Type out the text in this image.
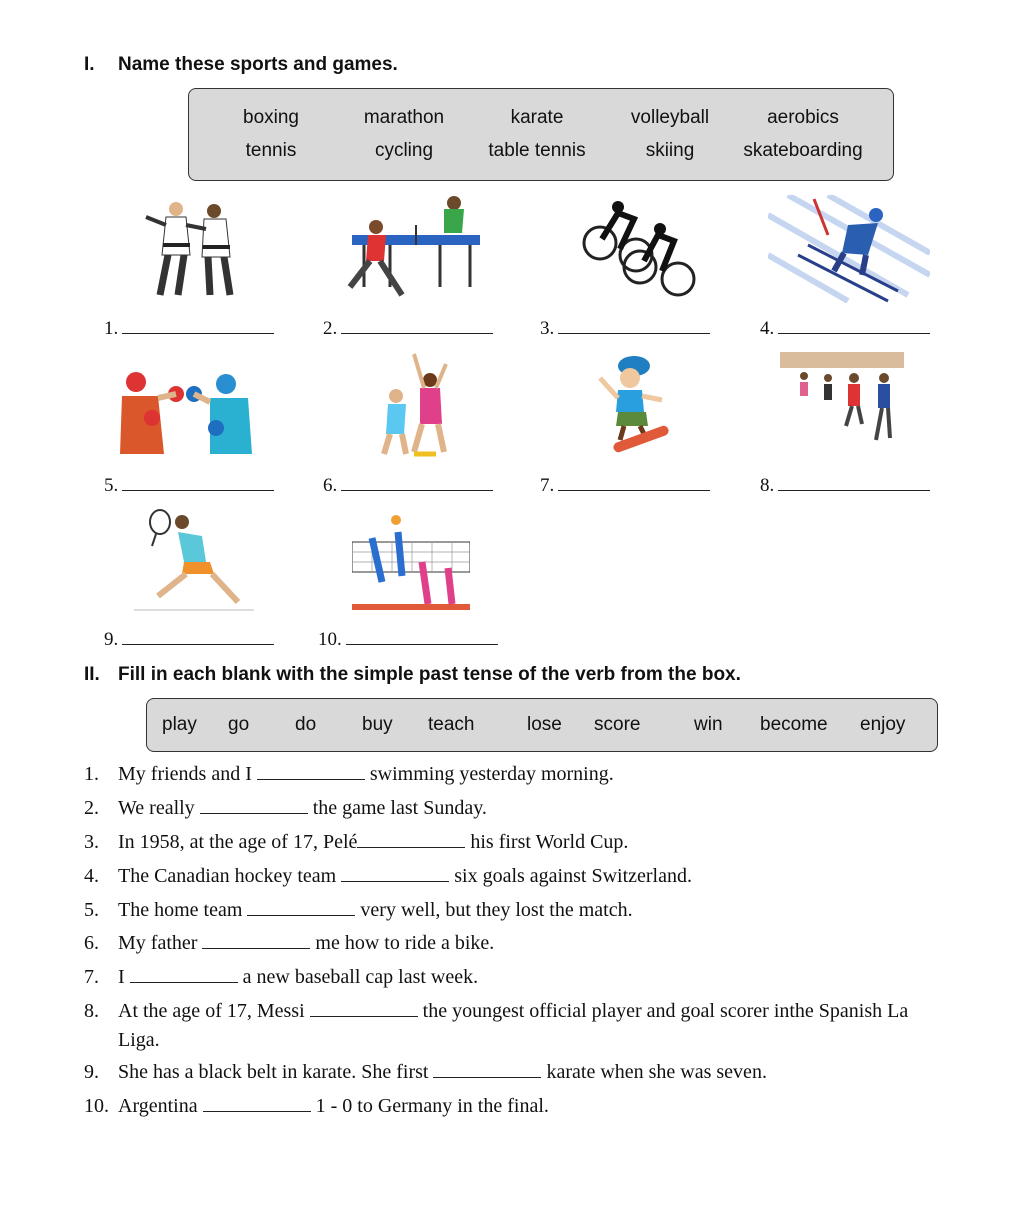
I. Name these sports and games.
boxing	marathon	karate	volleyball	aerobics
tennis	cycling	table tennis	skiing	skateboarding
1.	2.	3.	4.
5.	6.	7.	8.
9.	10.
II. Fill in each blank with the simple past tense of the verb from the box.
play go do buy teach	lose score	win become enjoy
1. My friends and I	swimming yesterday morning.
2. We really	the game last Sunday.
3. In 1958, at the age of 17, Pelé	his first World Cup.
4. The Canadian hockey team	six goals against Switzerland.
5. The home team	very well, but they lost the match.
6. My father	me how to ride a bike.
7. I	a new baseball cap last week.
8. At the age of 17, Messi	the youngest official player and goal scorer inthe Spanish La
Liga.
9. She has a black belt in karate. She first	karate when she was seven.
10. Argentina	1 - 0 to Germany in the final.
